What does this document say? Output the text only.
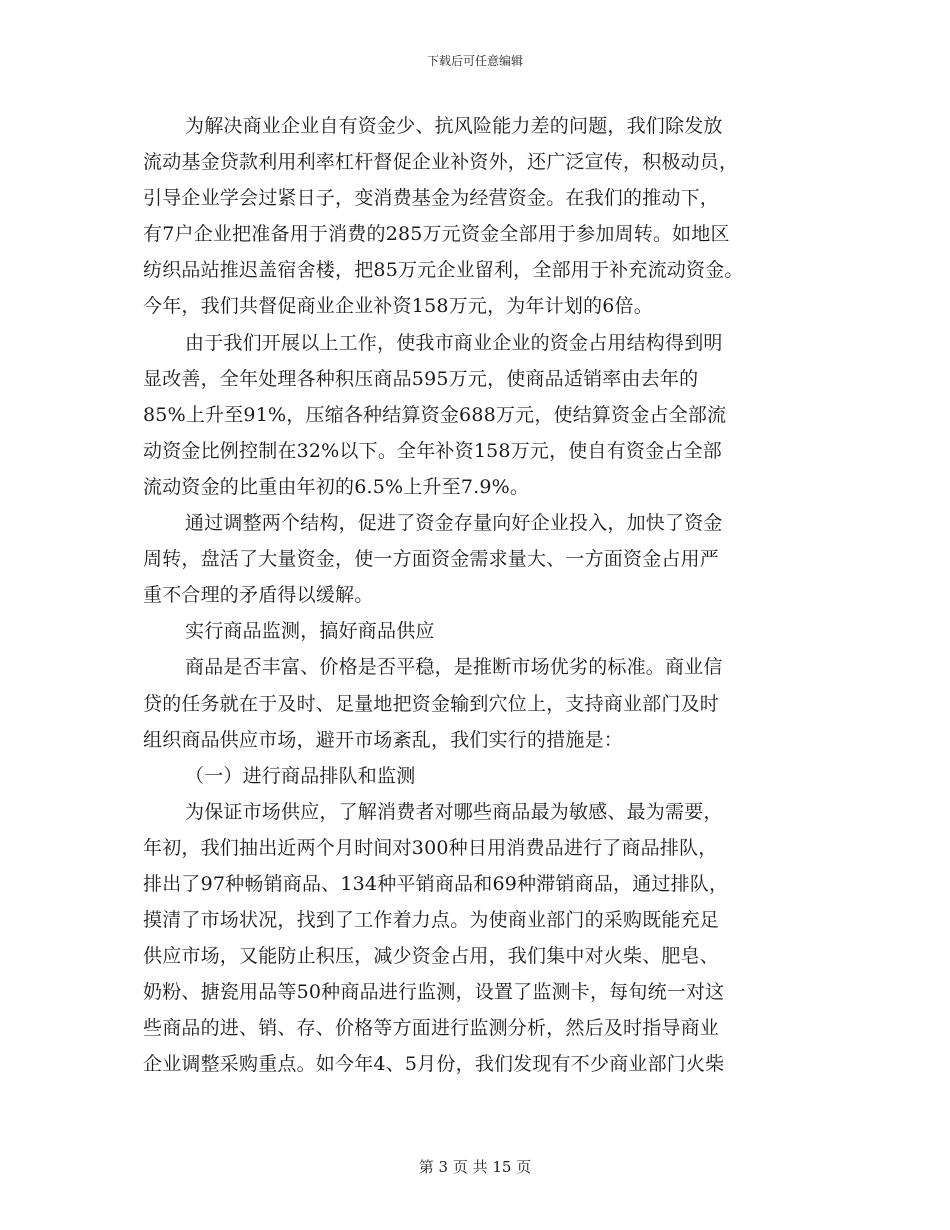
下载后可任意编辑
为解决商业企业自有资金少、抗风险能力差的问题，我们除发放
流动基金贷款利用利率杠杆督促企业补资外，还广泛宣传，积极动员，
引导企业学会过紧日子，变消费基金为经营资金。在我们的推动下，
有7户企业把准备用于消费的285万元资金全部用于参加周转。如地区
纺织品站推迟盖宿舍楼，把85万元企业留利，全部用于补充流动资金。
今年，我们共督促商业企业补资158万元，为年计划的6倍。
由于我们开展以上工作，使我市商业企业的资金占用结构得到明
显改善，全年处理各种积压商品595万元，使商品适销率由去年的
85%上升至91%，压缩各种结算资金688万元，使结算资金占全部流
动资金比例控制在32%以下。全年补资158万元，使自有资金占全部
流动资金的比重由年初的6.5%上升至7.9%。
通过调整两个结构，促进了资金存量向好企业投入，加快了资金
周转，盘活了大量资金，使一方面资金需求量大、一方面资金占用严
重不合理的矛盾得以缓解。
实行商品监测，搞好商品供应
商品是否丰富、价格是否平稳，是推断市场优劣的标准。商业信
贷的任务就在于及时、足量地把资金输到穴位上，支持商业部门及时
组织商品供应市场，避开市场紊乱，我们实行的措施是：
（一）进行商品排队和监测
为保证市场供应，了解消费者对哪些商品最为敏感、最为需要，
年初，我们抽出近两个月时间对300种日用消费品进行了商品排队，
排出了97种畅销商品、134种平销商品和69种滞销商品，通过排队，
摸清了市场状况，找到了工作着力点。为使商业部门的采购既能充足
供应市场，又能防止积压，减少资金占用，我们集中对火柴、肥皂、
奶粉、搪瓷用品等50种商品进行监测，设置了监测卡，每旬统一对这
些商品的进、销、存、价格等方面进行监测分析，然后及时指导商业
企业调整采购重点。如今年4、5月份，我们发现有不少商业部门火柴
第 3 页 共 15 页
